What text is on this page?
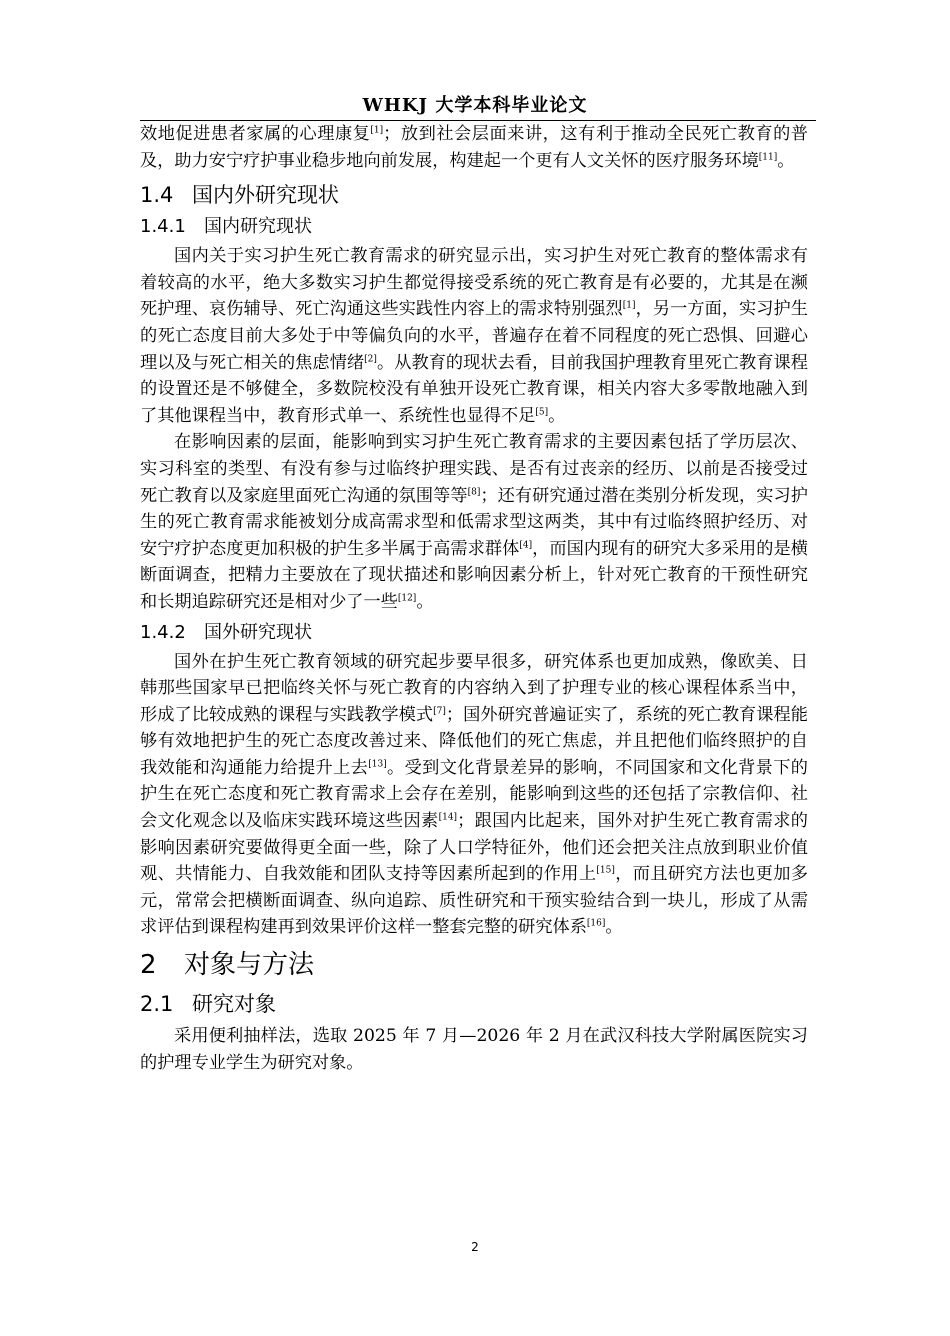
WHKJ 大学本科毕业论文

效地促进患者家属的心理康复[1]；放到社会层面来讲，这有利于推动全民死亡教育的普及，助力安宁疗护事业稳步地向前发展，构建起一个更有人文关怀的医疗服务环境[11]。

1.4 国内外研究现状
1.4.1 国内研究现状

国内关于实习护生死亡教育需求的研究显示出，实习护生对死亡教育的整体需求有着较高的水平，绝大多数实习护生都觉得接受系统的死亡教育是有必要的，尤其是在濒死护理、哀伤辅导、死亡沟通这些实践性内容上的需求特别强烈[1]，另一方面，实习护生的死亡态度目前大多处于中等偏负向的水平，普遍存在着不同程度的死亡恐惧、回避心理以及与死亡相关的焦虑情绪[2]。从教育的现状去看，目前我国护理教育里死亡教育课程的设置还是不够健全，多数院校没有单独开设死亡教育课，相关内容大多零散地融入到了其他课程当中，教育形式单一、系统性也显得不足[5]。

在影响因素的层面，能影响到实习护生死亡教育需求的主要因素包括了学历层次、实习科室的类型、有没有参与过临终护理实践、是否有过丧亲的经历、以前是否接受过死亡教育以及家庭里面死亡沟通的氛围等等[8]；还有研究通过潜在类别分析发现，实习护生的死亡教育需求能被划分成高需求型和低需求型这两类，其中有过临终照护经历、对安宁疗护态度更加积极的护生多半属于高需求群体[4]，而国内现有的研究大多采用的是横断面调查，把精力主要放在了现状描述和影响因素分析上，针对死亡教育的干预性研究和长期追踪研究还是相对少了一些[12]。

1.4.2 国外研究现状

国外在护生死亡教育领域的研究起步要早很多，研究体系也更加成熟，像欧美、日韩那些国家早已把临终关怀与死亡教育的内容纳入到了护理专业的核心课程体系当中，形成了比较成熟的课程与实践教学模式[7]；国外研究普遍证实了，系统的死亡教育课程能够有效地把护生的死亡态度改善过来、降低他们的死亡焦虑，并且把他们临终照护的自我效能和沟通能力给提升上去[13]。受到文化背景差异的影响，不同国家和文化背景下的护生在死亡态度和死亡教育需求上会存在差别，能影响到这些的还包括了宗教信仰、社会文化观念以及临床实践环境这些因素[14]；跟国内比起来，国外对护生死亡教育需求的影响因素研究要做得更全面一些，除了人口学特征外，他们还会把关注点放到职业价值观、共情能力、自我效能和团队支持等因素所起到的作用上[15]，而且研究方法也更加多元，常常会把横断面调查、纵向追踪、质性研究和干预实验结合到一块儿，形成了从需求评估到课程构建再到效果评价这样一整套完整的研究体系[16]。

2 对象与方法
2.1 研究对象

采用便利抽样法，选取 2025 年 7 月—2026 年 2 月在武汉科技大学附属医院实习的护理专业学生为研究对象。

2
